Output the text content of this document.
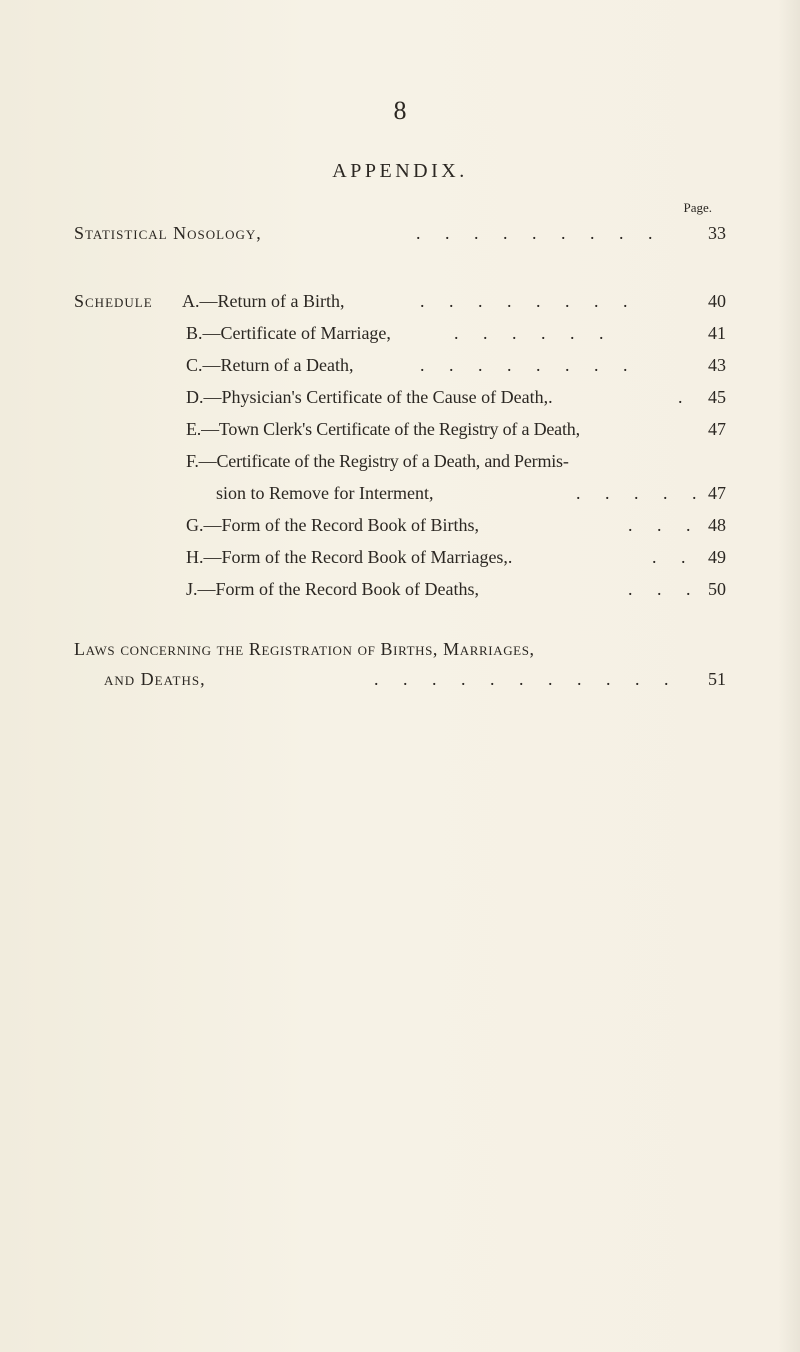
8
APPENDIX.
Page.
Statistical Nosology,	. . . . . . . . .	33
Schedule A.—Return of a Birth,	. . . . . . . .	40
B.—Certificate of Marriage,	. . . . . .	41
C.—Return of a Death,	. . . . . . . .	43
D.—Physician's Certificate of the Cause of Death,.	. 45
E.—Town Clerk's Certificate of the Registry of a Death,	47
F.—Certificate of the Registry of a Death, and Permis-
sion to Remove for Interment,	. . . . . 47
G.—Form of the Record Book of Births,	. . . 48
H.—Form of the Record Book of Marriages,.	. . 49
J.—Form of the Record Book of Deaths,	. . . 50
Laws concerning the Registration of Births, Marriages,
and Deaths,	. . . . . . . . . . .	51
